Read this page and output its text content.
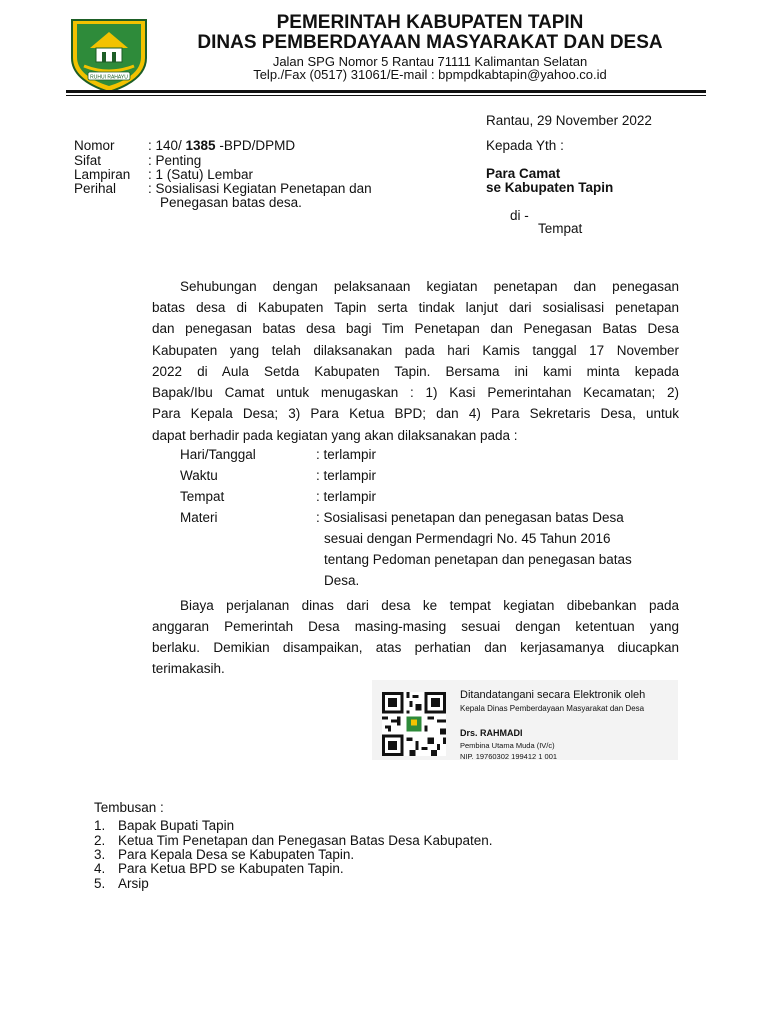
RUHUI RAHAYU
PEMERINTAH KABUPATEN TAPIN
DINAS PEMBERDAYAAN MASYARAKAT DAN DESA
Jalan SPG Nomor 5 Rantau 71111 Kalimantan Selatan
Telp./Fax (0517) 31061/E-mail : bpmpdkabtapin@yahoo.co.id
Nomor : 140/ 1385 -BPD/DPMD
Sifat	: Penting
Lampiran : 1 (Satu) Lembar
Perihal : Sosialisasi Kegiatan Penetapan dan
Penegasan batas desa.
Rantau, 29 November 2022
Kepada Yth :
Para Camat
se Kabupaten Tapin
di -
Tempat
Sehubungan dengan pelaksanaan kegiatan penetapan dan penegasan
batas desa di Kabupaten Tapin serta tindak lanjut dari sosialisasi penetapan
dan penegasan batas desa bagi Tim Penetapan dan Penegasan Batas Desa
Kabupaten yang telah dilaksanakan pada hari Kamis tanggal 17 November
2022 di Aula Setda Kabupaten Tapin. Bersama ini kami minta kepada
Bapak/Ibu Camat untuk menugaskan : 1) Kasi Pemerintahan Kecamatan; 2)
Para Kepala Desa; 3) Para Ketua BPD; dan 4) Para Sekretaris Desa, untuk
dapat berhadir pada kegiatan yang akan dilaksanakan pada :
Hari/Tanggal	: terlampir
Waktu	: terlampir
Tempat	: terlampir
Materi	: Sosialisasi penetapan dan penegasan batas Desa
sesuai dengan Permendagri No. 45 Tahun 2016
tentang Pedoman penetapan dan penegasan batas
Desa.
Biaya perjalanan dinas dari desa ke tempat kegiatan dibebankan pada
anggaran Pemerintah Desa masing-masing sesuai dengan ketentuan yang
berlaku. Demikian disampaikan, atas perhatian dan kerjasamanya diucapkan
terimakasih.
Ditandatangani secara Elektronik oleh
Kepala Dinas Pemberdayaan Masyarakat dan Desa
Drs. RAHMADI
Pembina Utama Muda (IV/c)
NIP. 19760302 199412 1 001
Tembusan :
1. Bapak Bupati Tapin
2. Ketua Tim Penetapan dan Penegasan Batas Desa Kabupaten.
3. Para Kepala Desa se Kabupaten Tapin.
4. Para Ketua BPD se Kabupaten Tapin.
5. Arsip
